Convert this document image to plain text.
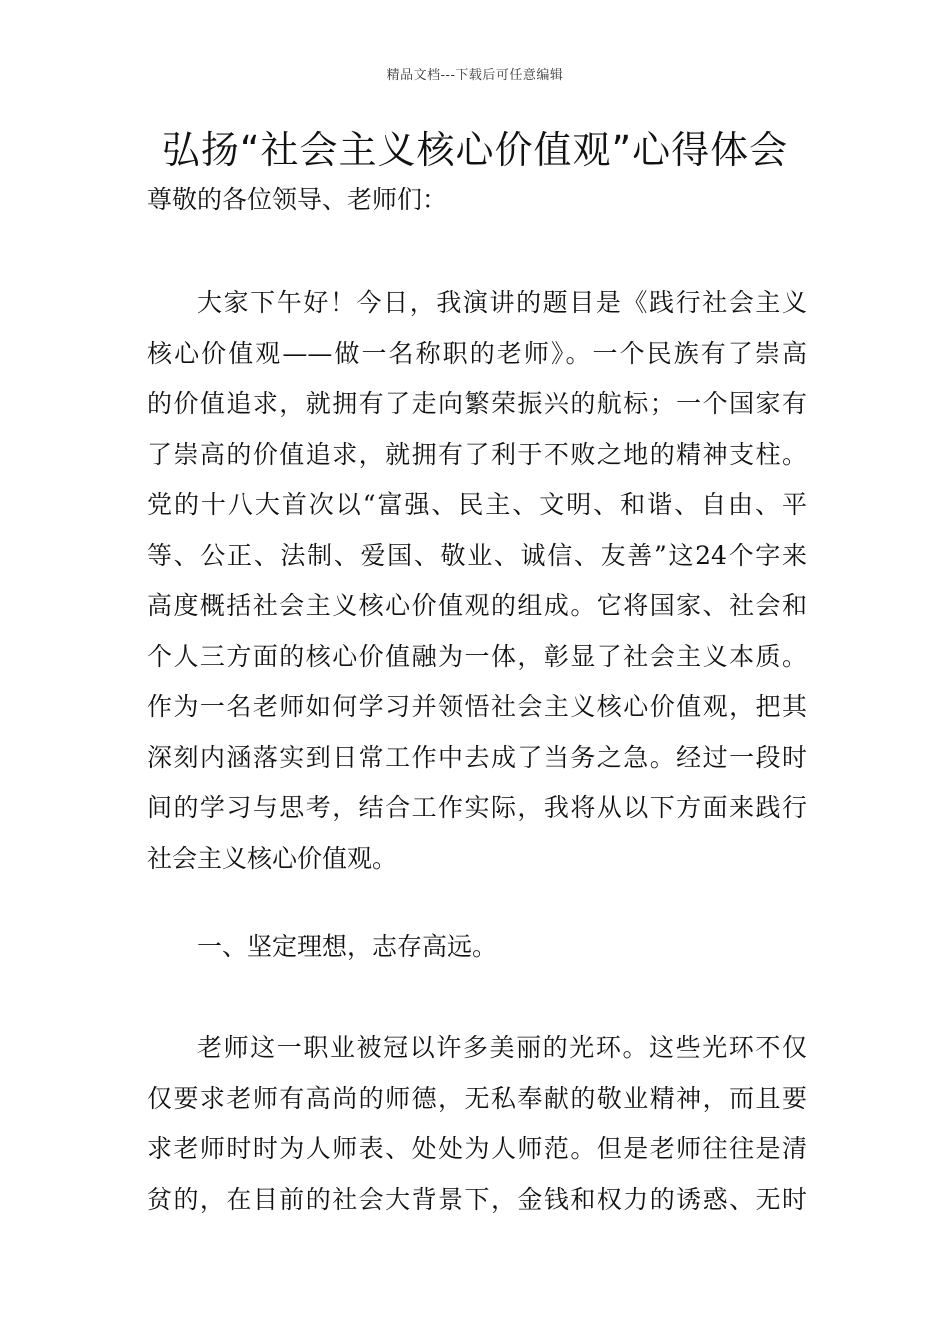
精品文档---下载后可任意编辑
弘扬“社会主义核心价值观”心得体会
尊敬的各位领导、老师们：
大家下午好！今日，我演讲的题目是《践行社会主义
核心价值观——做一名称职的老师》。一个民族有了崇高
的价值追求，就拥有了走向繁荣振兴的航标；一个国家有
了崇高的价值追求，就拥有了利于不败之地的精神支柱。
党的十八大首次以“富强、民主、文明、和谐、自由、平
等、公正、法制、爱国、敬业、诚信、友善”这24个字来
高度概括社会主义核心价值观的组成。它将国家、社会和
个人三方面的核心价值融为一体，彰显了社会主义本质。
作为一名老师如何学习并领悟社会主义核心价值观，把其
深刻内涵落实到日常工作中去成了当务之急。经过一段时
间的学习与思考，结合工作实际，我将从以下方面来践行
社会主义核心价值观。
一、坚定理想，志存高远。
老师这一职业被冠以许多美丽的光环。这些光环不仅
仅要求老师有高尚的师德，无私奉献的敬业精神，而且要
求老师时时为人师表、处处为人师范。但是老师往往是清
贫的，在目前的社会大背景下，金钱和权力的诱惑、无时
